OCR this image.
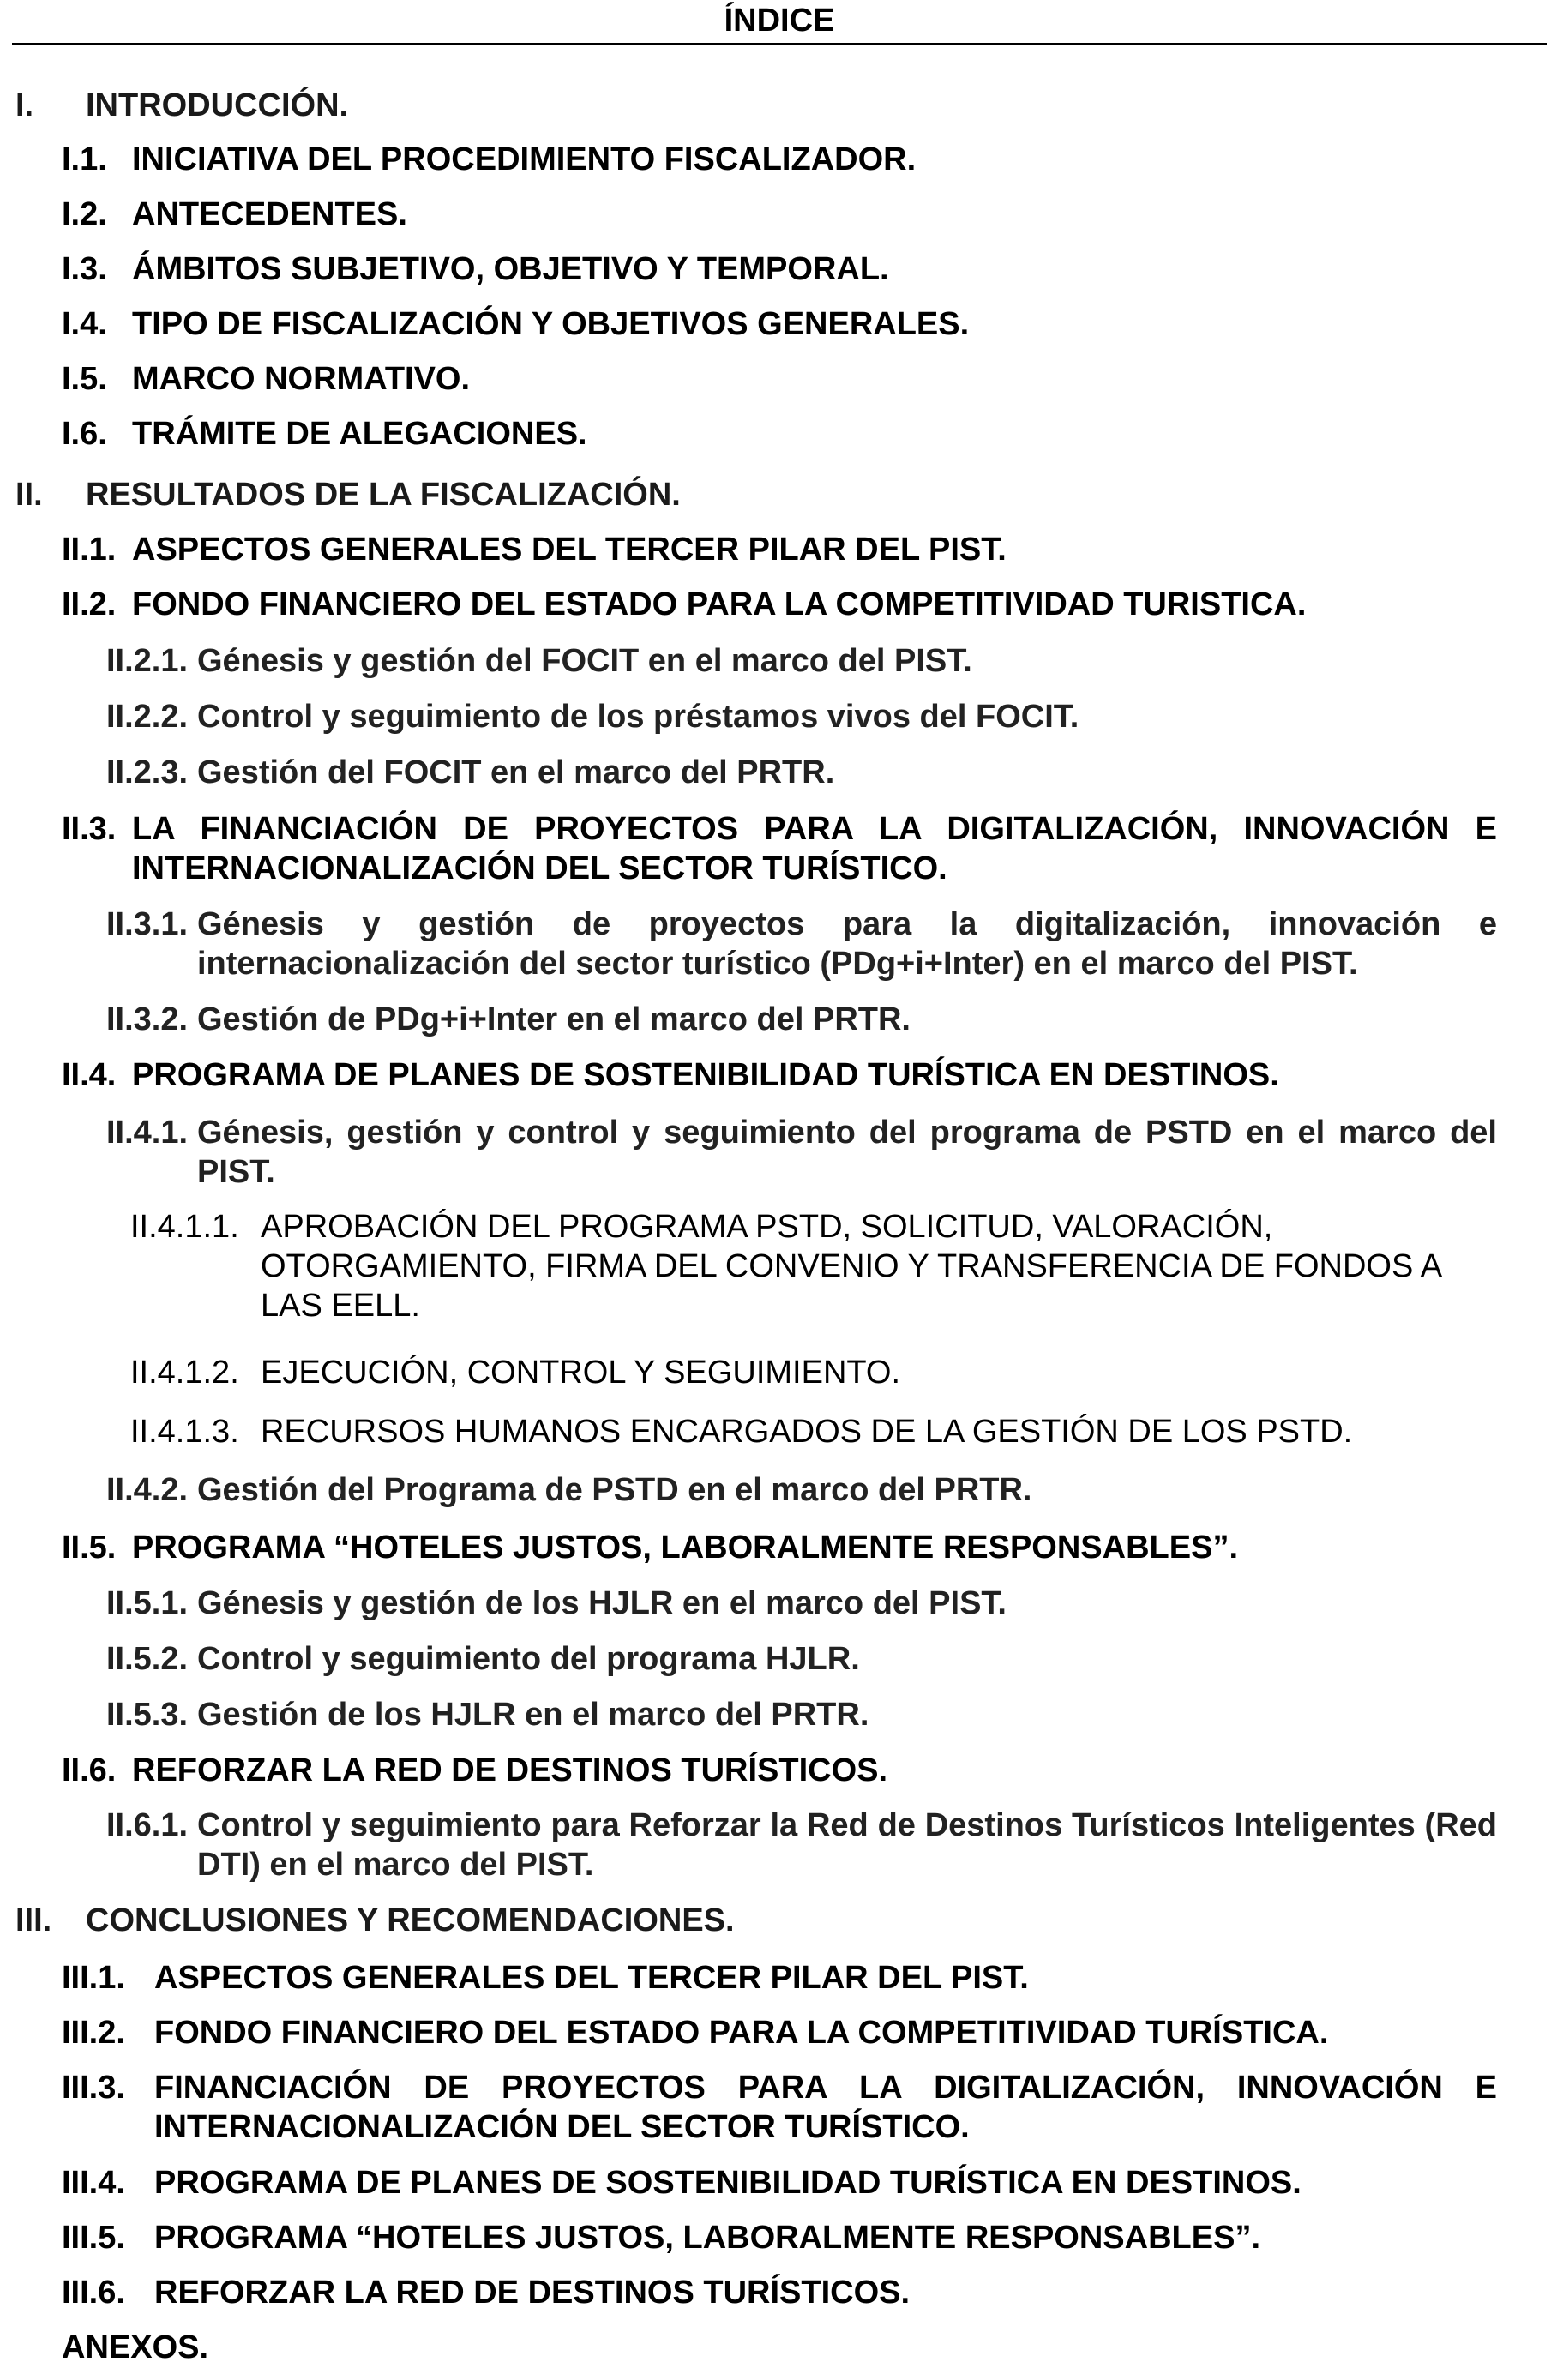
ÍNDICE
I. INTRODUCCIÓN.
I.1. INICIATIVA DEL PROCEDIMIENTO FISCALIZADOR.
I.2. ANTECEDENTES.
I.3. ÁMBITOS SUBJETIVO, OBJETIVO Y TEMPORAL.
I.4. TIPO DE FISCALIZACIÓN Y OBJETIVOS GENERALES.
I.5. MARCO NORMATIVO.
I.6. TRÁMITE DE ALEGACIONES.
II. RESULTADOS DE LA FISCALIZACIÓN.
II.1. ASPECTOS GENERALES DEL TERCER PILAR DEL PIST.
II.2. FONDO FINANCIERO DEL ESTADO PARA LA COMPETITIVIDAD TURISTICA.
II.2.1. Génesis y gestión del FOCIT en el marco del PIST.
II.2.2. Control y seguimiento de los préstamos vivos del FOCIT.
II.2.3. Gestión del FOCIT en el marco del PRTR.
II.3. LA FINANCIACIÓN DE PROYECTOS PARA LA DIGITALIZACIÓN, INNOVACIÓN E INTERNACIONALIZACIÓN DEL SECTOR TURÍSTICO.
II.3.1. Génesis y gestión de proyectos para la digitalización, innovación e internacionalización del sector turístico (PDg+i+Inter) en el marco del PIST.
II.3.2. Gestión de PDg+i+Inter en el marco del PRTR.
II.4. PROGRAMA DE PLANES DE SOSTENIBILIDAD TURÍSTICA EN DESTINOS.
II.4.1. Génesis, gestión y control y seguimiento del programa de PSTD en el marco del PIST.
II.4.1.1. APROBACIÓN DEL PROGRAMA PSTD, SOLICITUD, VALORACIÓN, OTORGAMIENTO, FIRMA DEL CONVENIO Y TRANSFERENCIA DE FONDOS A LAS EELL.
II.4.1.2. EJECUCIÓN, CONTROL Y SEGUIMIENTO.
II.4.1.3. RECURSOS HUMANOS ENCARGADOS DE LA GESTIÓN DE LOS PSTD.
II.4.2. Gestión del Programa de PSTD en el marco del PRTR.
II.5. PROGRAMA “HOTELES JUSTOS, LABORALMENTE RESPONSABLES”.
II.5.1. Génesis y gestión de los HJLR en el marco del PIST.
II.5.2. Control y seguimiento del programa HJLR.
II.5.3. Gestión de los HJLR en el marco del PRTR.
II.6. REFORZAR LA RED DE DESTINOS TURÍSTICOS.
II.6.1. Control y seguimiento para Reforzar la Red de Destinos Turísticos Inteligentes (Red DTI) en el marco del PIST.
III. CONCLUSIONES Y RECOMENDACIONES.
III.1. ASPECTOS GENERALES DEL TERCER PILAR DEL PIST.
III.2. FONDO FINANCIERO DEL ESTADO PARA LA COMPETITIVIDAD TURÍSTICA.
III.3. FINANCIACIÓN DE PROYECTOS PARA LA DIGITALIZACIÓN, INNOVACIÓN E INTERNACIONALIZACIÓN DEL SECTOR TURÍSTICO.
III.4. PROGRAMA DE PLANES DE SOSTENIBILIDAD TURÍSTICA EN DESTINOS.
III.5. PROGRAMA “HOTELES JUSTOS, LABORALMENTE RESPONSABLES”.
III.6. REFORZAR LA RED DE DESTINOS TURÍSTICOS.
ANEXOS.
